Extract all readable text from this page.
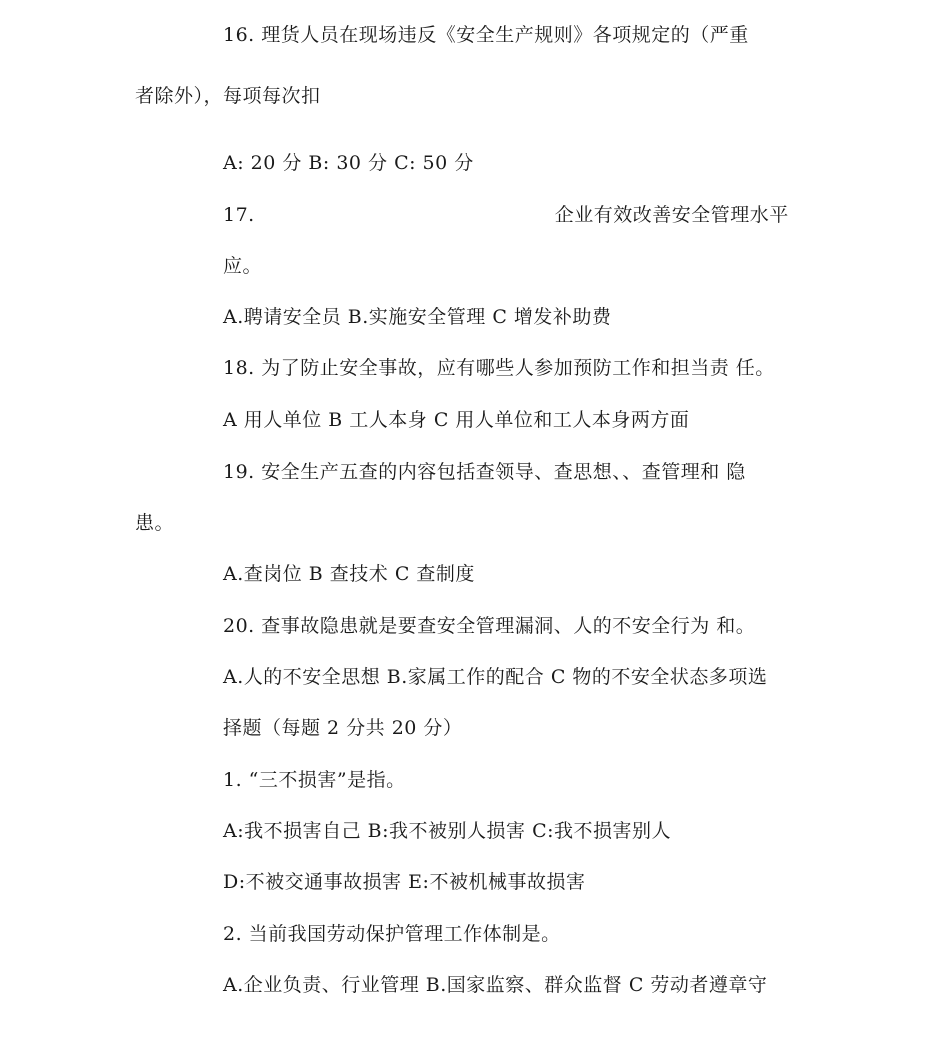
16. 理货人员在现场违反《安全生产规则》各项规定的（严重
者除外），每项每次扣
A: 20 分 B: 30 分 C: 50 分
17.	企业有效改善安全管理水平
应。
A.聘请安全员 B.实施安全管理 C 增发补助费
18. 为了防止安全事故，应有哪些人参加预防工作和担当责 任。
A 用人单位 B 工人本身 C 用人单位和工人本身两方面
19. 安全生产五查的内容包括查领导、查思想、、查管理和 隐
患。
A.查岗位 B 查技术 C 查制度
20. 查事故隐患就是要查安全管理漏洞、人的不安全行为 和。
A.人的不安全思想 B.家属工作的配合 C 物的不安全状态多项选
择题（每题 2 分共 20 分）
1. “三不损害”是指。
A:我不损害自己 B:我不被别人损害 C:我不损害别人
D:不被交通事故损害 E:不被机械事故损害
2. 当前我国劳动保护管理工作体制是。
A.企业负责、行业管理 B.国家监察、群众监督 C 劳动者遵章守
